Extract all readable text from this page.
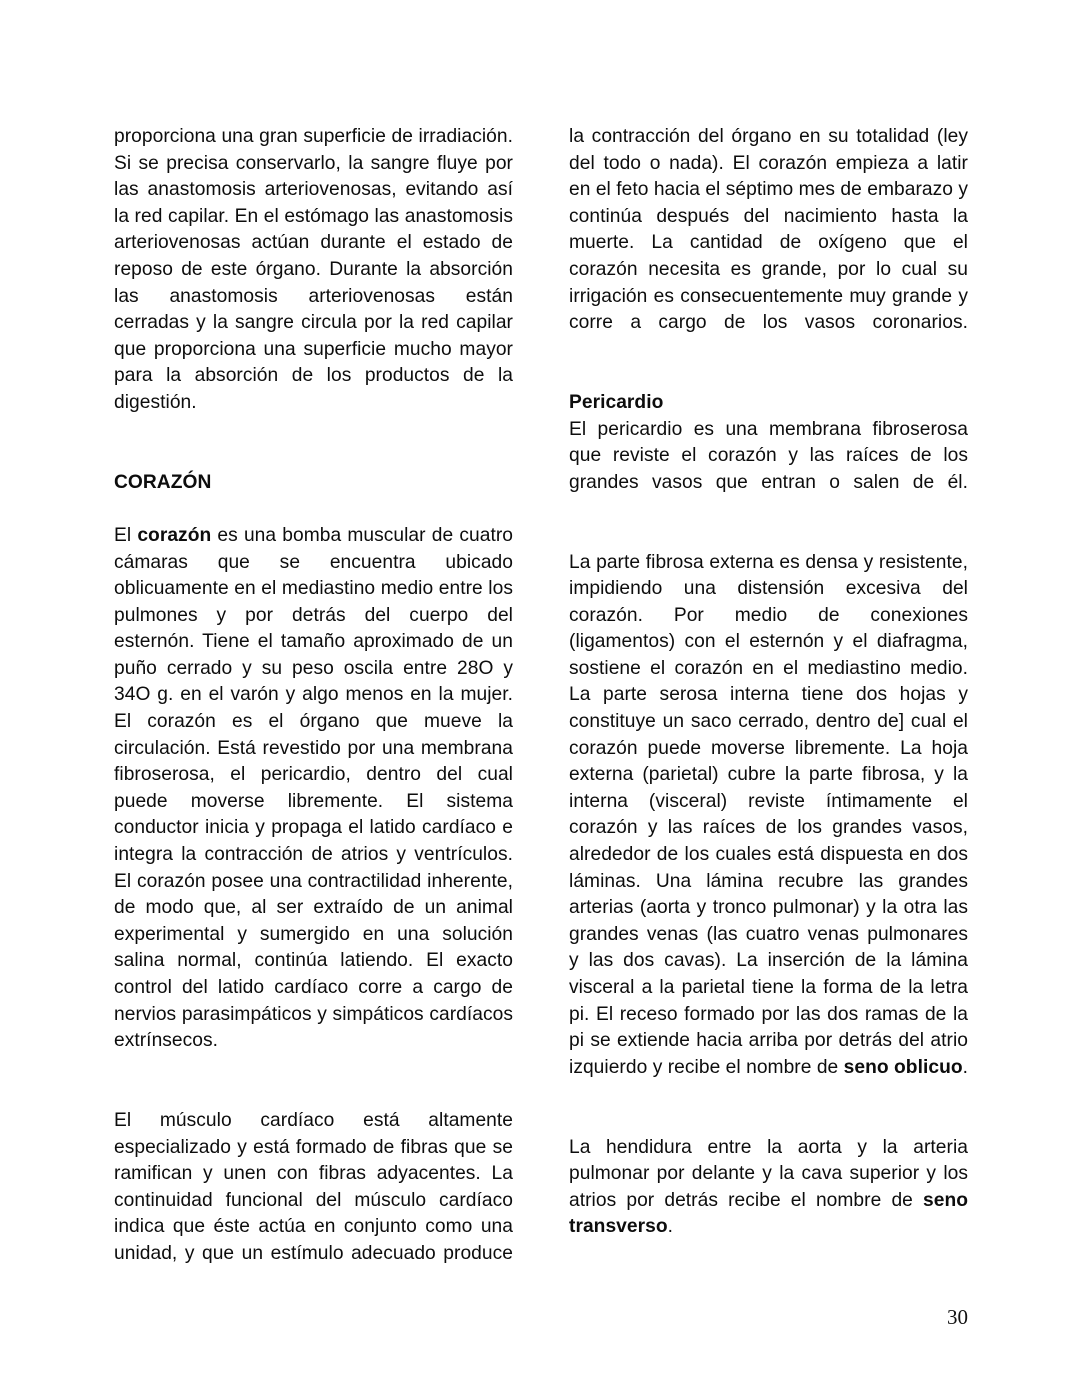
proporciona una gran superficie de irradiación. Si se precisa conservarlo, la sangre fluye por las anastomosis arteriovenosas, evitando así la red capilar. En el estómago las anastomosis arteriovenosas actúan durante el estado de reposo de este órgano. Durante la absorción las anastomosis arteriovenosas están cerradas y la sangre circula por la red capilar que proporciona una superficie mucho mayor para la absorción de los productos de la digestión.

CORAZÓN

El corazón es una bomba muscular de cuatro cámaras que se encuentra ubicado oblicuamente en el mediastino medio entre los pulmones y por detrás del cuerpo del esternón. Tiene el tamaño aproximado de un puño cerrado y su peso oscila entre 28O y 34O g. en el varón y algo menos en la mujer. El corazón es el órgano que mueve la circulación. Está revestido por una membrana fibroserosa, el pericardio, dentro del cual puede moverse libremente. El sistema conductor inicia y propaga el latido cardíaco e integra la contracción de atrios y ventrículos. El corazón posee una contractilidad inherente, de modo que, al ser extraído de un animal experimental y sumergido en una solución salina normal, continúa latiendo. El exacto control del latido cardíaco corre a cargo de nervios parasimpáticos y simpáticos cardíacos extrínsecos.

El músculo cardíaco está altamente especializado y está formado de fibras que se ramifican y unen con fibras adyacentes. La continuidad funcional del músculo cardíaco indica que éste actúa en conjunto como una unidad, y que un estímulo adecuado produce

la contracción del órgano en su totalidad (ley del todo o nada). El corazón empieza a latir en el feto hacia el séptimo mes de embarazo y continúa después del nacimiento hasta la muerte. La cantidad de oxígeno que el corazón necesita es grande, por lo cual su irrigación es consecuentemente muy grande y corre a cargo de los vasos coronarios.

Pericardio

El pericardio es una membrana fibroserosa que reviste el corazón y las raíces de los grandes vasos que entran o salen de él.

La parte fibrosa externa es densa y resistente, impidiendo una distensión excesiva del corazón. Por medio de conexiones (ligamentos) con el esternón y el diafragma, sostiene el corazón en el mediastino medio. La parte serosa interna tiene dos hojas y constituye un saco cerrado, dentro de] cual el corazón puede moverse libremente. La hoja externa (parietal) cubre la parte fibrosa, y la interna (visceral) reviste íntimamente el corazón y las raíces de los grandes vasos, alrededor de los cuales está dispuesta en dos láminas. Una lámina recubre las grandes arterias (aorta y tronco pulmonar) y la otra las grandes venas (las cuatro venas pulmonares y las dos cavas). La inserción de la lámina visceral a la parietal tiene la forma de la letra pi. El receso formado por las dos ramas de la pi se extiende hacia arriba por detrás del atrio izquierdo y recibe el nombre de seno oblicuo.

La hendidura entre la aorta y la arteria pulmonar por delante y la cava superior y los atrios por detrás recibe el nombre de seno transverso.

30
